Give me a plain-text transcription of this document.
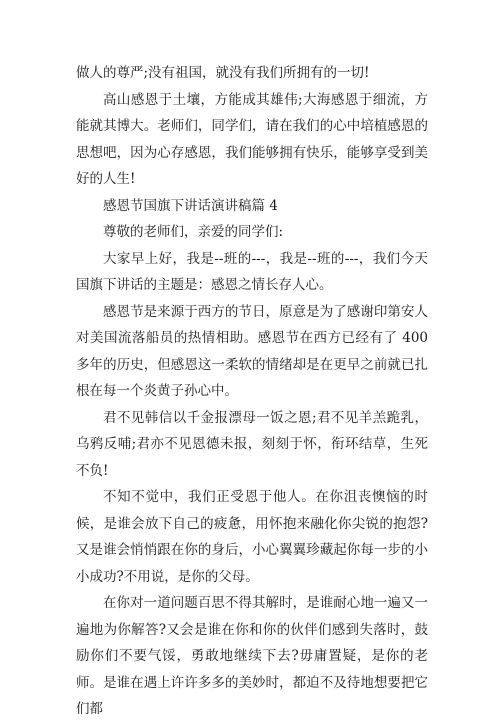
做人的尊严;没有祖国，就没有我们所拥有的一切!

高山感恩于土壤，方能成其雄伟;大海感恩于细流，方能就其博大。老师们，同学们，请在我们的心中培植感恩的思想吧，因为心存感恩，我们能够拥有快乐，能够享受到美好的人生!

感恩节国旗下讲话演讲稿篇 4

尊敬的老师们，亲爱的同学们:

大家早上好，我是--班的---，我是--班的---，我们今天国旗下讲话的主题是：感恩之情长存人心。

感恩节是来源于西方的节日，原意是为了感谢印第安人对美国流落船员的热情相助。感恩节在西方已经有了 400 多年的历史，但感恩这一柔软的情绪却是在更早之前就已扎根在每一个炎黄子孙心中。

君不见韩信以千金报漂母一饭之恩;君不见羊羔跪乳，乌鸦反哺;君亦不见恩德未报，刻刻于怀，衔环结草，生死不负!

不知不觉中，我们正受恩于他人。在你沮丧懊恼的时候，是谁会放下自己的疲惫，用怀抱来融化你尖锐的抱怨?又是谁会悄悄跟在你的身后，小心翼翼珍藏起你每一步的小小成功?不用说，是你的父母。

在你对一道问题百思不得其解时，是谁耐心地一遍又一遍地为你解答?又会是谁在你和你的伙伴们感到失落时，鼓励你们不要气馁，勇敢地继续下去?毋庸置疑，是你的老师。是谁在遇上许许多多的美妙时，都迫不及待地想要把它们都
